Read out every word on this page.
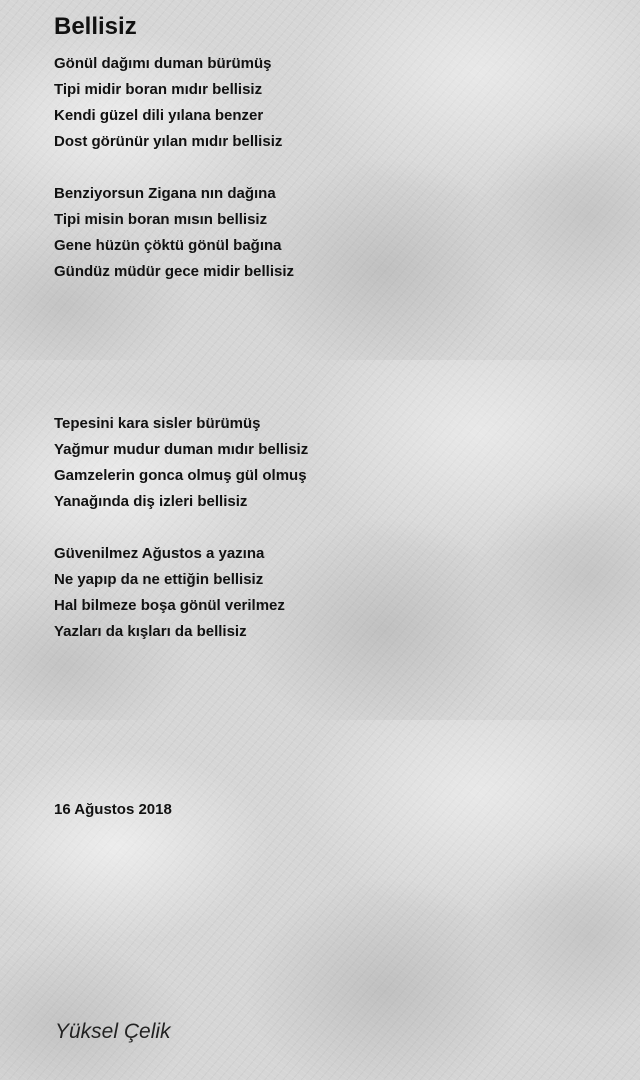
Bellisiz
Gönül dağımı duman bürümüş
Tipi midir boran mıdır bellisiz
Kendi güzel dili yılana benzer
Dost görünür yılan mıdır bellisiz
Benziyorsun Zigana nın dağına
Tipi misin boran mısın bellisiz
Gene hüzün çöktü gönül bağına
Gündüz müdür gece midir bellisiz
Tepesini kara sisler bürümüş
Yağmur mudur duman mıdır bellisiz
Gamzelerin gonca olmuş gül olmuş
Yanağında diş izleri bellisiz
Güvenilmez Ağustos a yazına
Ne yapıp da ne ettiğin bellisiz
Hal bilmeze boşa gönül verilmez
Yazları da kışları da bellisiz

16 Ağustos 2018

Yüksel Çelik
